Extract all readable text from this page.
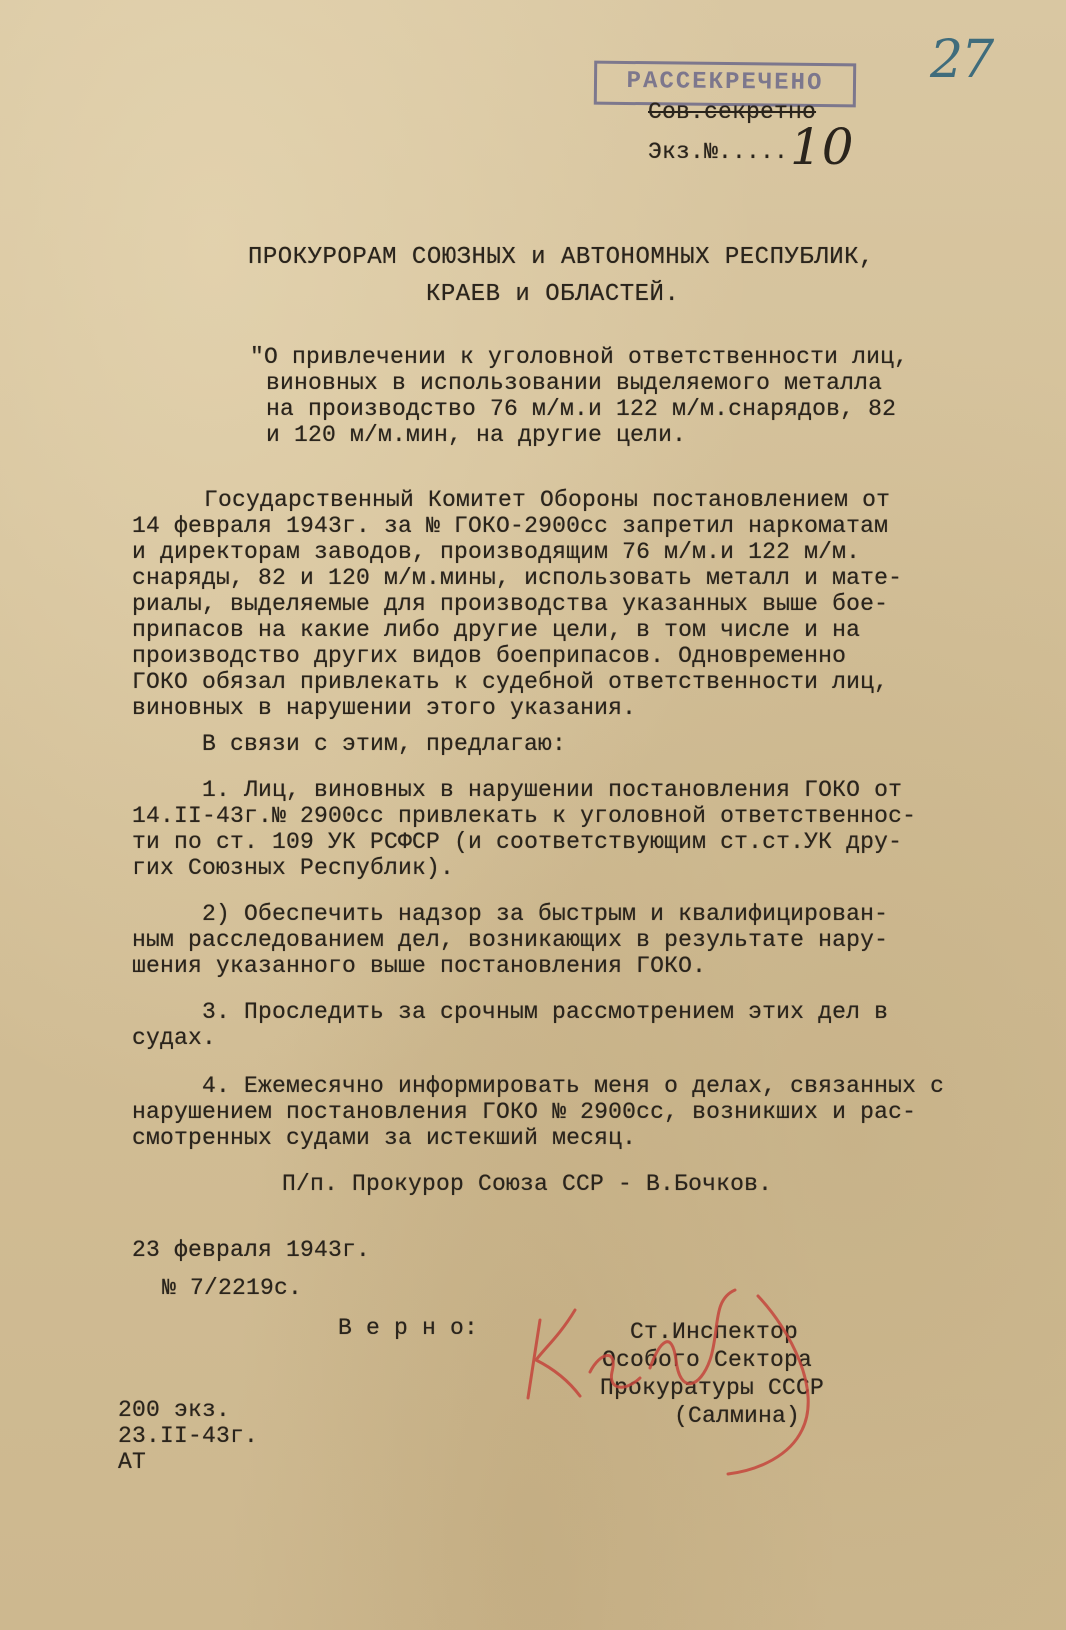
27
РАССЕКРЕЧЕНО
Сов.секретно
Экз.№..... 10
ПРОКУРОРАМ СОЮЗНЫХ и АВТОНОМНЫХ РЕСПУБЛИК,
КРАЕВ и ОБЛАСТЕЙ.
"О привлечении к уголовной ответственности лиц,
виновных в использовании выделяемого металла
на производство 76 м/м.и 122 м/м.снарядов, 82
и 120 м/м.мин, на другие цели.
Государственный Комитет Обороны постановлением от
14 февраля 1943г. за № ГОКО-2900сс запретил наркоматам
и директорам заводов, производящим 76 м/м.и 122 м/м.
снаряды, 82 и 120 м/м.мины, использовать металл и мате-
риалы, выделяемые для производства указанных выше бое-
припасов на какие либо другие цели, в том числе и на
производство других видов боеприпасов. Одновременно
ГОКО обязал привлекать к судебной ответственности лиц,
виновных в нарушении этого указания.
В связи с этим, предлагаю:
1. Лиц, виновных в нарушении постановления ГОКО от
14.II-43г.№ 2900сс привлекать к уголовной ответственнос-
ти по ст. 109 УК РСФСР (и соответствующим ст.ст.УК дру-
гих Союзных Республик).
2) Обеспечить надзор за быстрым и квалифицирован-
ным расследованием дел, возникающих в результате нару-
шения указанного выше постановления ГОКО.
3. Проследить за срочным рассмотрением этих дел в
судах.
4. Ежемесячно информировать меня о делах, связанных с
нарушением постановления ГОКО № 2900сс, возникших и рас-
смотренных судами за истекший месяц.
П/п. Прокурор Союза ССР - В.Бочков.
23 февраля 1943г.
№ 7/2219с.
В е р н о:	Ст.Инспектор
Особого Сектора
Прокуратуры СССР
(Салмина)
200 экз.
23.II-43г.
АТ
